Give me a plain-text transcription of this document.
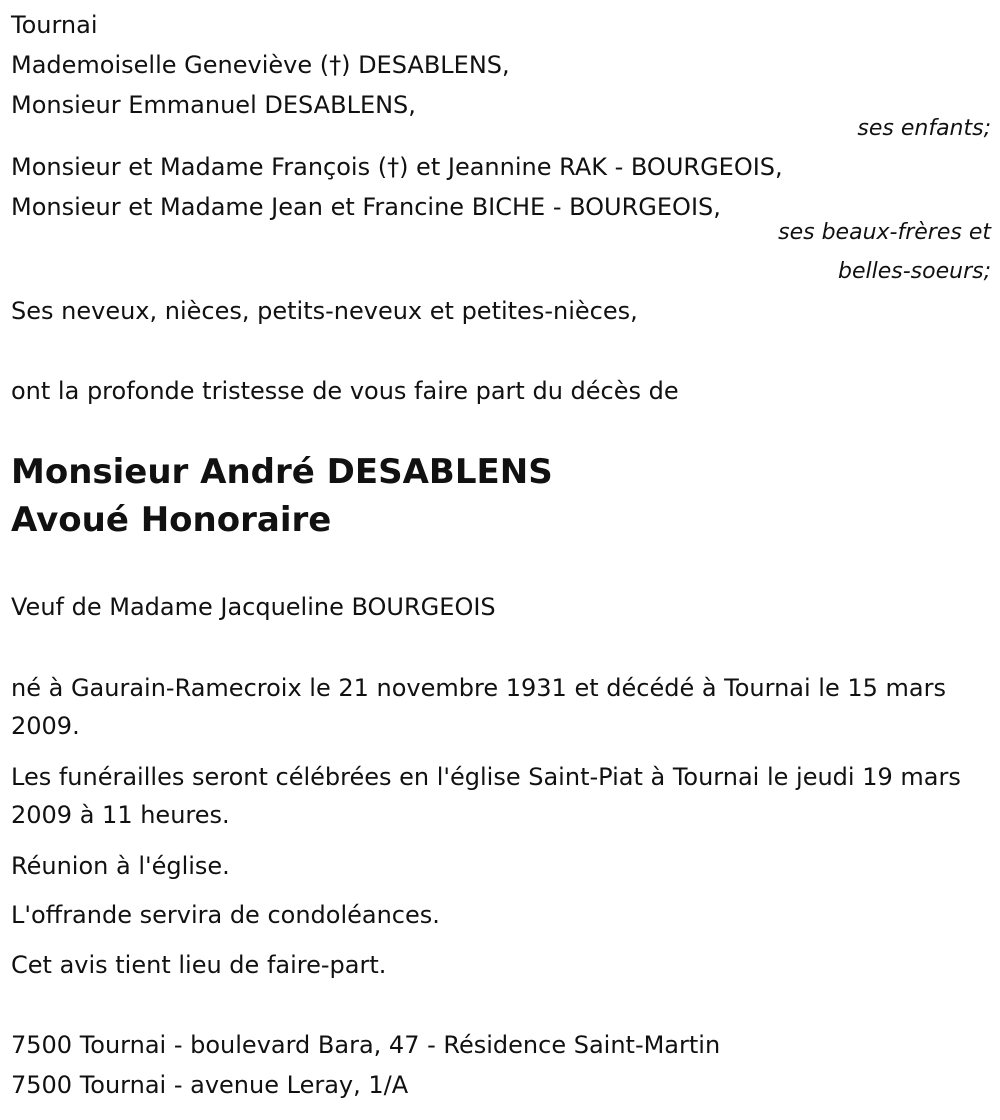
Tournai
Mademoiselle Geneviève (†) DESABLENS,
Monsieur Emmanuel DESABLENS,
ses enfants;
Monsieur et Madame François (†) et Jeannine RAK - BOURGEOIS,
Monsieur et Madame Jean et Francine BICHE - BOURGEOIS,
ses beaux-frères et
belles-soeurs;
Ses neveux, nièces, petits-neveux et petites-nièces,
ont la profonde tristesse de vous faire part du décès de
Monsieur André DESABLENS
Avoué Honoraire
Veuf de Madame Jacqueline BOURGEOIS
né à Gaurain-Ramecroix le 21 novembre 1931 et décédé à Tournai le 15 mars 2009.
Les funérailles seront célébrées en l'église Saint-Piat à Tournai le jeudi 19 mars 2009 à 11 heures.
Réunion à l'église.
L'offrande servira de condoléances.
Cet avis tient lieu de faire-part.
7500 Tournai - boulevard Bara, 47 - Résidence Saint-Martin
7500 Tournai - avenue Leray, 1/A
